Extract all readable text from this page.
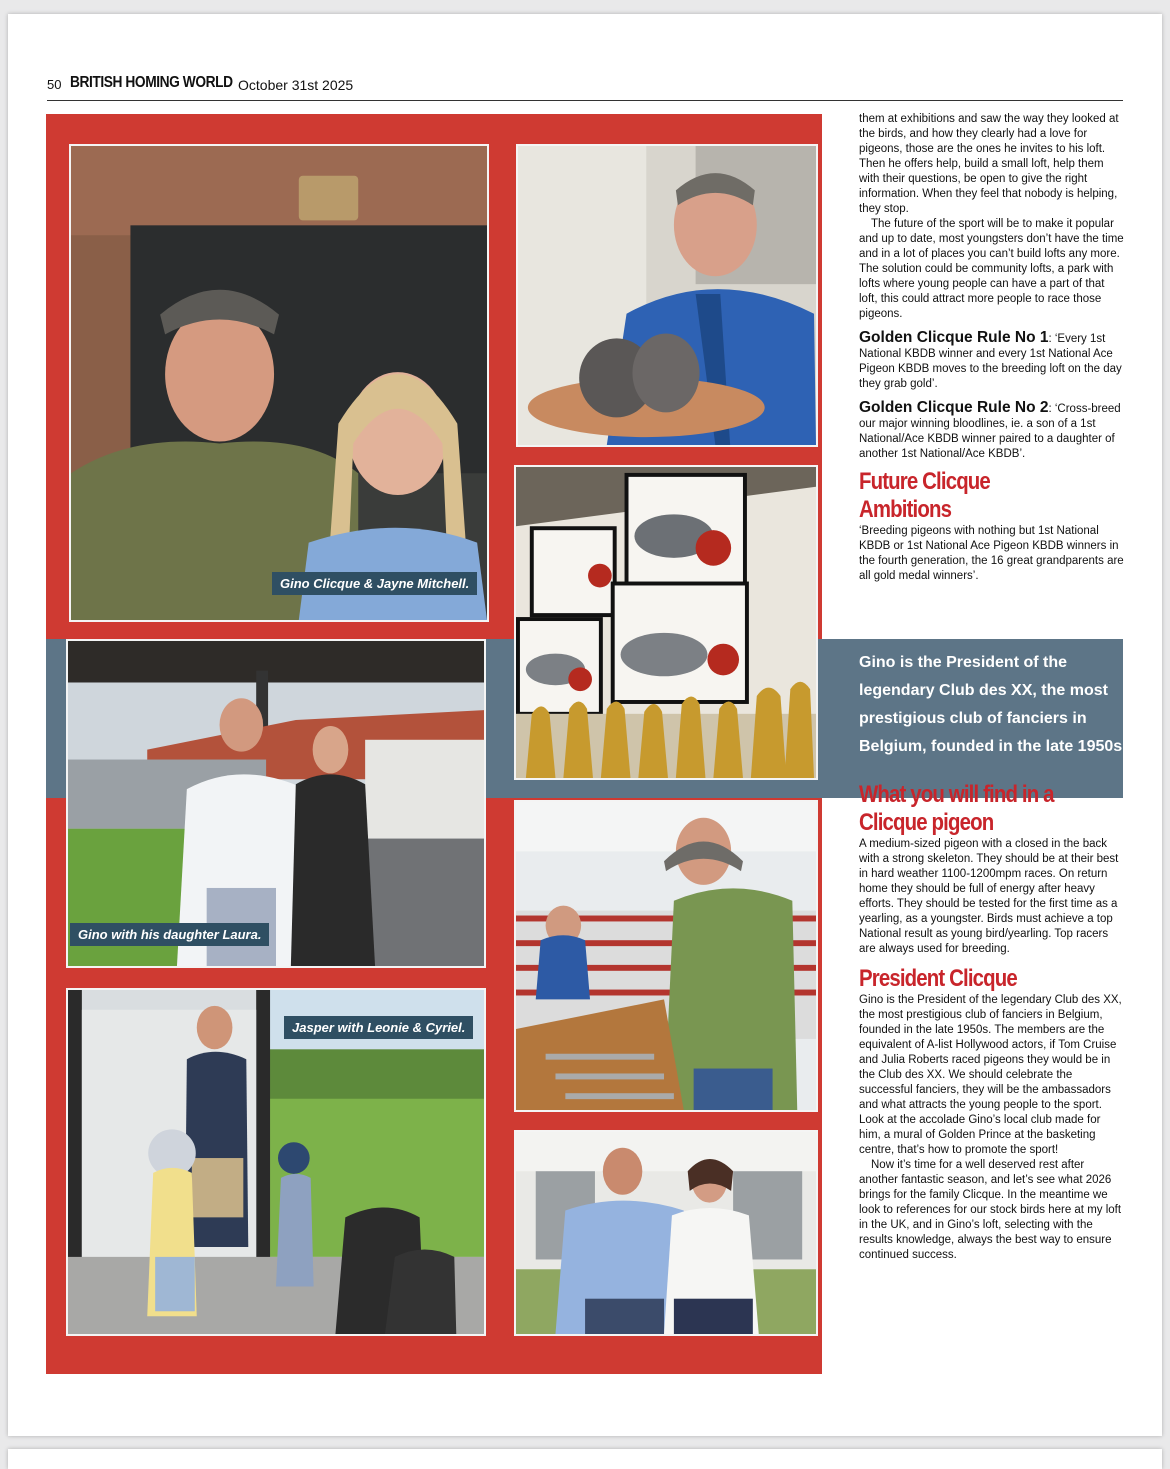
50 BRITISH HOMING WORLD October 31st 2025
Gino is the President of the legendary Club des XX, the most prestigious club of fanciers in Belgium, founded in the late 1950s
Gino Clicque & Jayne Mitchell.
Gino with his daughter Laura.
Jasper with Leonie & Cyriel.

them at exhibitions and saw the way they looked at the birds, and how they clearly had a love for pigeons, those are the ones he invites to his loft. Then he offers help, build a small loft, help them with their questions, be open to give the right information. When they feel that nobody is helping, they stop.

The future of the sport will be to make it popular and up to date, most youngsters don’t have the time and in a lot of places you can’t build lofts any more. The solution could be community lofts, a park with lofts where young people can have a part of that loft, this could attract more people to race those pigeons.

Golden Clicque Rule No 1: ‘Every 1st National KBDB winner and every 1st National Ace Pigeon KBDB moves to the breeding loft on the day they grab gold’.

Golden Clicque Rule No 2: ‘Cross-breed our major winning bloodlines, ie. a son of a 1st National/Ace KBDB winner paired to a daughter of another 1st National/Ace KBDB’.

Future Clicque
Ambitions

‘Breeding pigeons with nothing but 1st National KBDB or 1st National Ace Pigeon KBDB winners in the fourth generation, the 16 great grandparents are all gold medal winners’.

What you will find in a
Clicque pigeon

A medium-sized pigeon with a closed in the back with a strong skeleton. They should be at their best in hard weather 1100-1200mpm races. On return home they should be full of energy after heavy efforts. They should be tested for the first time as a yearling, as a youngster. Birds must achieve a top National result as young bird/yearling. Top racers are always used for breeding.

President Clicque

Gino is the President of the legendary Club des XX, the most prestigious club of fanciers in Belgium, founded in the late 1950s. The members are the equivalent of A-list Hollywood actors, if Tom Cruise and Julia Roberts raced pigeons they would be in the Club des XX. We should celebrate the successful fanciers, they will be the ambassadors and what attracts the young people to the sport. Look at the accolade Gino’s local club made for him, a mural of Golden Prince at the basketing centre, that’s how to promote the sport!

Now it’s time for a well deserved rest after another fantastic season, and let’s see what 2026 brings for the family Clicque. In the meantime we look to references for our stock birds here at my loft in the UK, and in Gino’s loft, selecting with the results knowledge, always the best way to ensure continued success.
